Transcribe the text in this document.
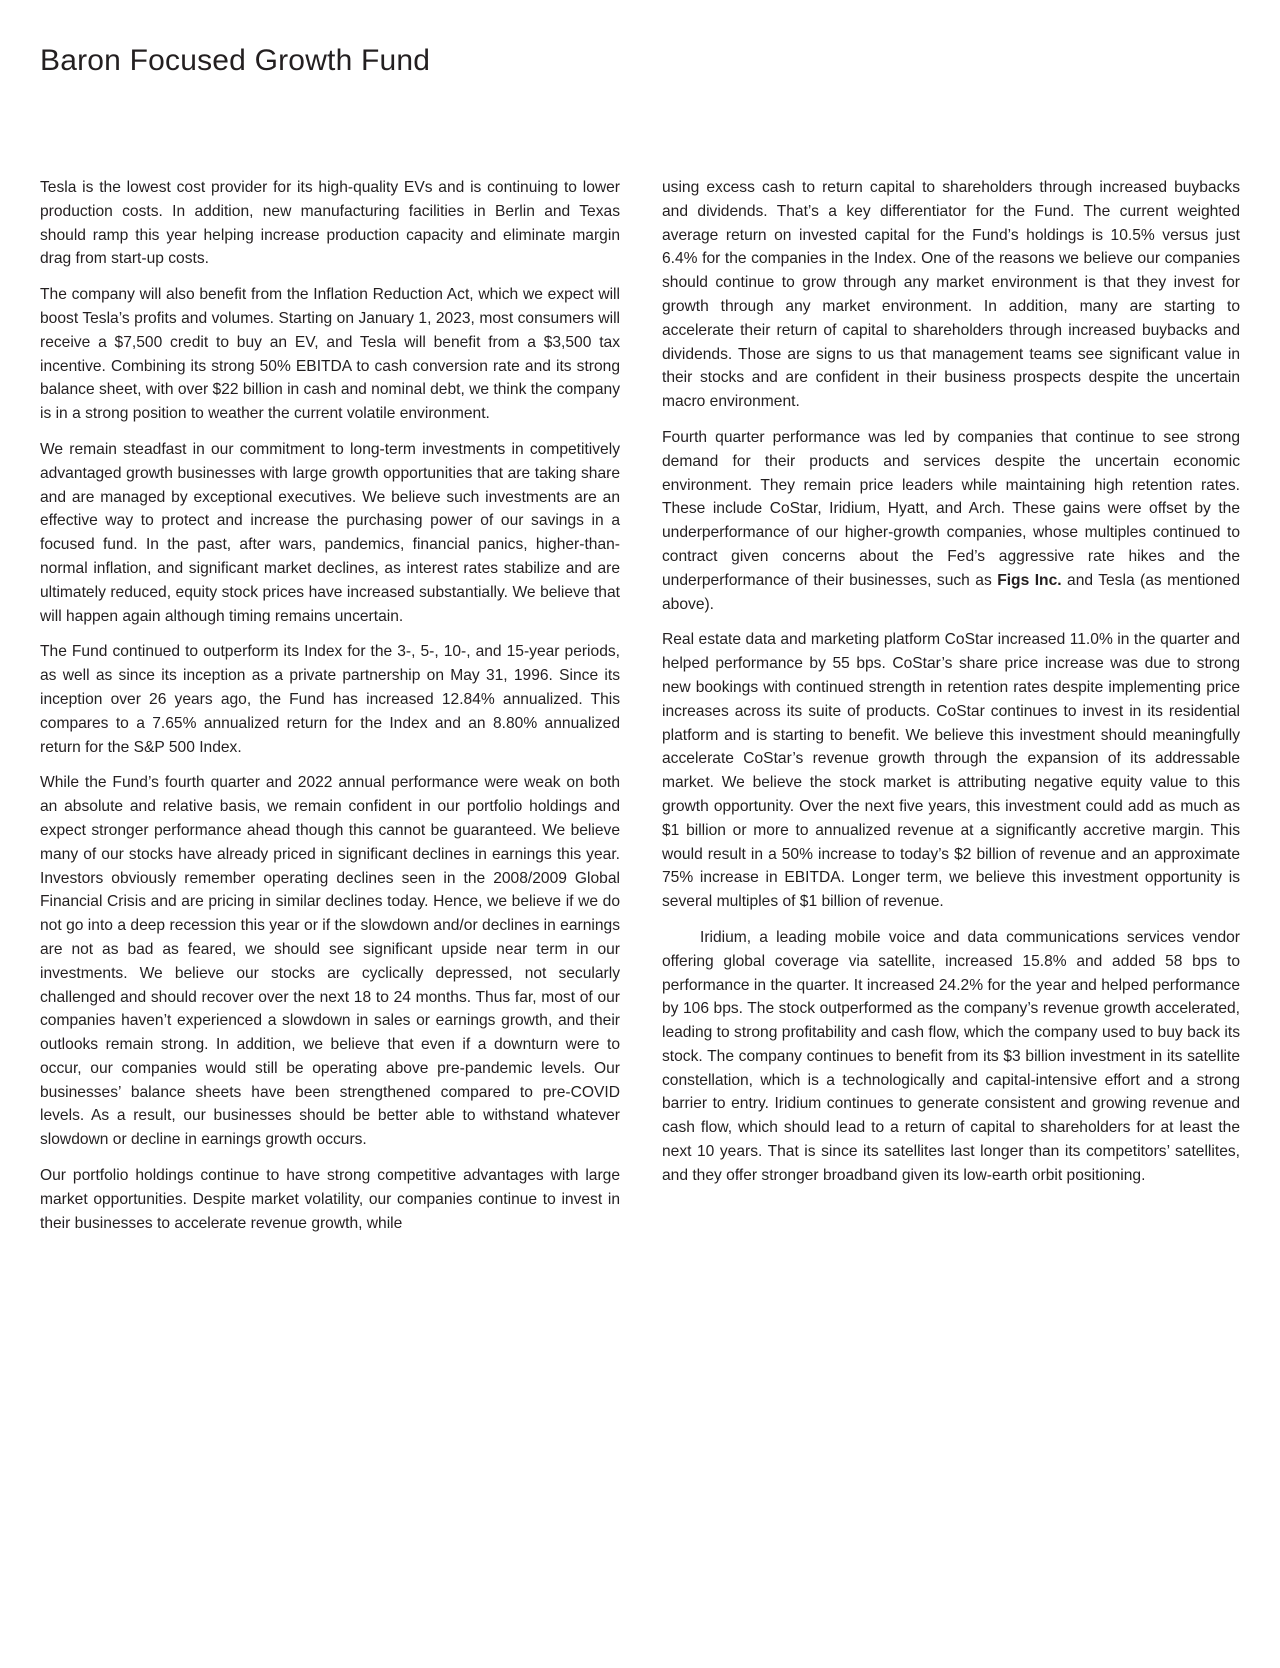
Baron Focused Growth Fund

Tesla is the lowest cost provider for its high-quality EVs and is continuing to lower production costs. In addition, new manufacturing facilities in Berlin and Texas should ramp this year helping increase production capacity and eliminate margin drag from start-up costs.

The company will also benefit from the Inflation Reduction Act, which we expect will boost Tesla’s profits and volumes. Starting on January 1, 2023, most consumers will receive a $7,500 credit to buy an EV, and Tesla will benefit from a $3,500 tax incentive. Combining its strong 50% EBITDA to cash conversion rate and its strong balance sheet, with over $22 billion in cash and nominal debt, we think the company is in a strong position to weather the current volatile environment.

We remain steadfast in our commitment to long-term investments in competitively advantaged growth businesses with large growth opportunities that are taking share and are managed by exceptional executives. We believe such investments are an effective way to protect and increase the purchasing power of our savings in a focused fund. In the past, after wars, pandemics, financial panics, higher-than-normal inflation, and significant market declines, as interest rates stabilize and are ultimately reduced, equity stock prices have increased substantially. We believe that will happen again although timing remains uncertain.

The Fund continued to outperform its Index for the 3-, 5-, 10-, and 15-year periods, as well as since its inception as a private partnership on May 31, 1996. Since its inception over 26 years ago, the Fund has increased 12.84% annualized. This compares to a 7.65% annualized return for the Index and an 8.80% annualized return for the S&P 500 Index.

While the Fund’s fourth quarter and 2022 annual performance were weak on both an absolute and relative basis, we remain confident in our portfolio holdings and expect stronger performance ahead though this cannot be guaranteed. We believe many of our stocks have already priced in significant declines in earnings this year. Investors obviously remember operating declines seen in the 2008/2009 Global Financial Crisis and are pricing in similar declines today. Hence, we believe if we do not go into a deep recession this year or if the slowdown and/or declines in earnings are not as bad as feared, we should see significant upside near term in our investments. We believe our stocks are cyclically depressed, not secularly challenged and should recover over the next 18 to 24 months. Thus far, most of our companies haven’t experienced a slowdown in sales or earnings growth, and their outlooks remain strong. In addition, we believe that even if a downturn were to occur, our companies would still be operating above pre-pandemic levels. Our businesses’ balance sheets have been strengthened compared to pre-COVID levels. As a result, our businesses should be better able to withstand whatever slowdown or decline in earnings growth occurs.

Our portfolio holdings continue to have strong competitive advantages with large market opportunities. Despite market volatility, our companies continue to invest in their businesses to accelerate revenue growth, while

using excess cash to return capital to shareholders through increased buybacks and dividends. That’s a key differentiator for the Fund. The current weighted average return on invested capital for the Fund’s holdings is 10.5% versus just 6.4% for the companies in the Index. One of the reasons we believe our companies should continue to grow through any market environment is that they invest for growth through any market environment. In addition, many are starting to accelerate their return of capital to shareholders through increased buybacks and dividends. Those are signs to us that management teams see significant value in their stocks and are confident in their business prospects despite the uncertain macro environment.

Fourth quarter performance was led by companies that continue to see strong demand for their products and services despite the uncertain economic environment. They remain price leaders while maintaining high retention rates. These include CoStar, Iridium, Hyatt, and Arch. These gains were offset by the underperformance of our higher-growth companies, whose multiples continued to contract given concerns about the Fed’s aggressive rate hikes and the underperformance of their businesses, such as Figs Inc. and Tesla (as mentioned above).

Real estate data and marketing platform CoStar increased 11.0% in the quarter and helped performance by 55 bps. CoStar’s share price increase was due to strong new bookings with continued strength in retention rates despite implementing price increases across its suite of products. CoStar continues to invest in its residential platform and is starting to benefit. We believe this investment should meaningfully accelerate CoStar’s revenue growth through the expansion of its addressable market. We believe the stock market is attributing negative equity value to this growth opportunity. Over the next five years, this investment could add as much as $1 billion or more to annualized revenue at a significantly accretive margin. This would result in a 50% increase to today’s $2 billion of revenue and an approximate 75% increase in EBITDA. Longer term, we believe this investment opportunity is several multiples of $1 billion of revenue.

Iridium, a leading mobile voice and data communications services vendor offering global coverage via satellite, increased 15.8% and added 58 bps to performance in the quarter. It increased 24.2% for the year and helped performance by 106 bps. The stock outperformed as the company’s revenue growth accelerated, leading to strong profitability and cash flow, which the company used to buy back its stock. The company continues to benefit from its $3 billion investment in its satellite constellation, which is a technologically and capital-intensive effort and a strong barrier to entry. Iridium continues to generate consistent and growing revenue and cash flow, which should lead to a return of capital to shareholders for at least the next 10 years. That is since its satellites last longer than its competitors’ satellites, and they offer stronger broadband given its low-earth orbit positioning.
